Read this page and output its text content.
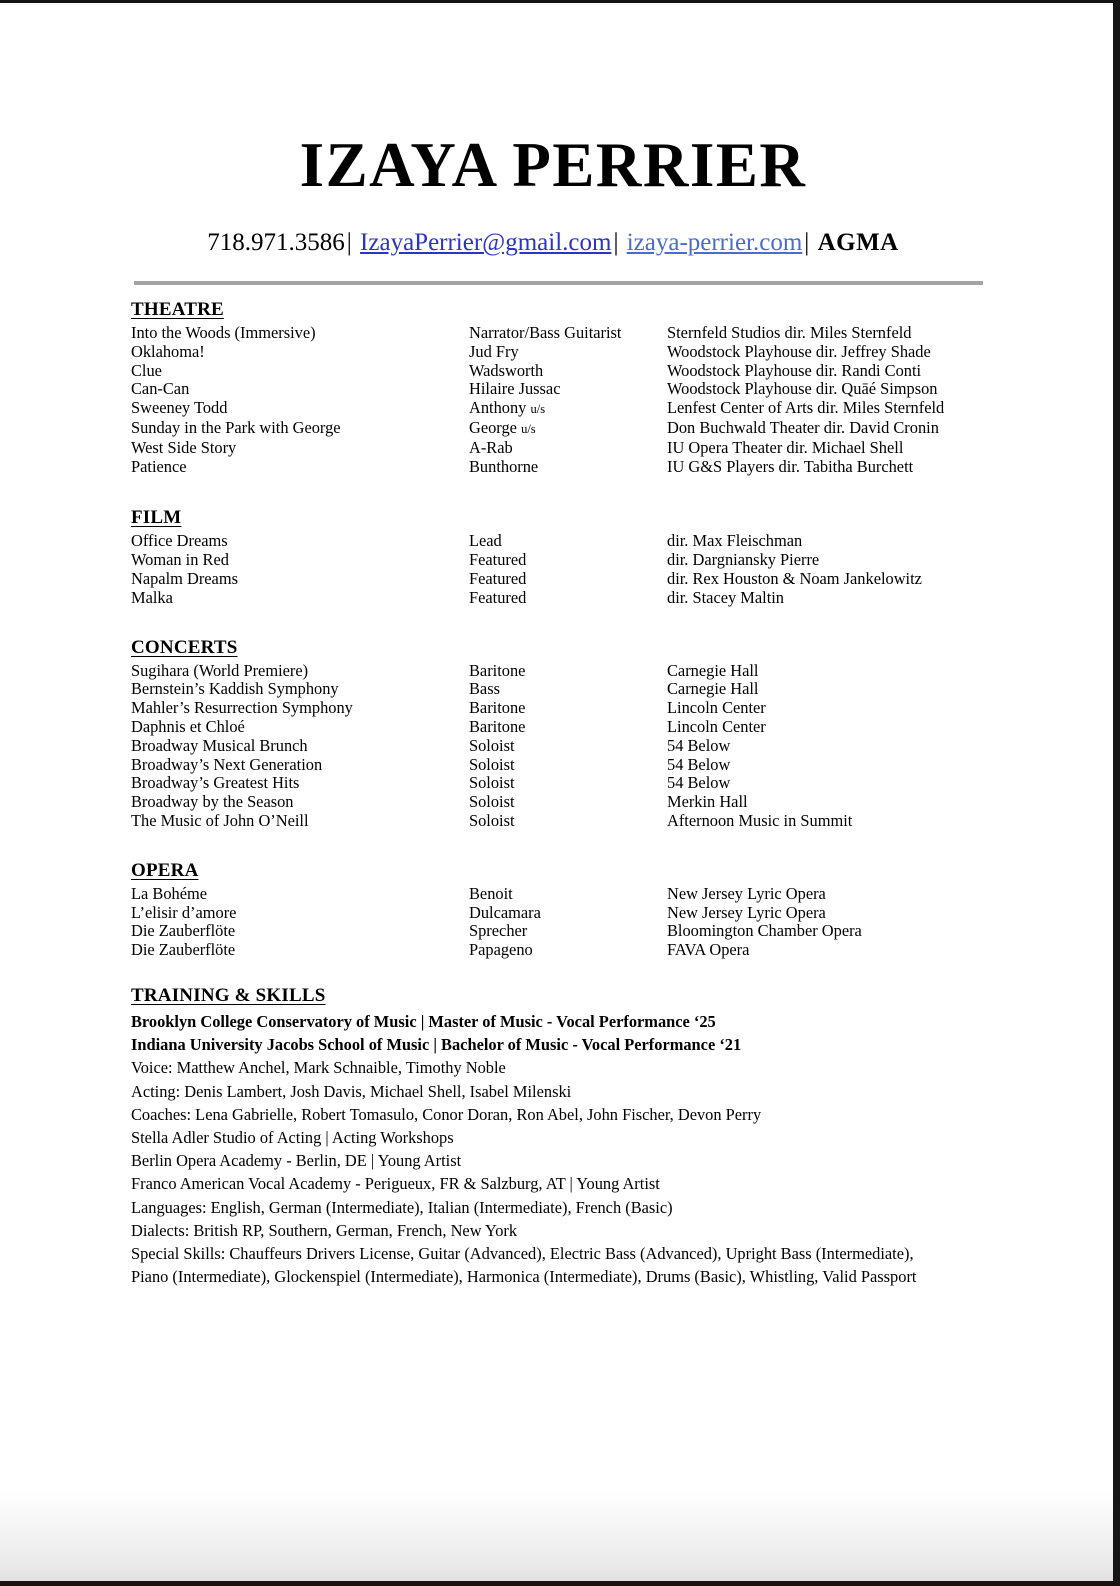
IZAYA PERRIER
718.971.3586| IzayaPerrier@gmail.com| izaya-perrier.com| AGMA
THEATRE
Into the Woods (Immersive)	Narrator/Bass Guitarist	Sternfeld Studios dir. Miles Sternfeld
Oklahoma!	Jud Fry	Woodstock Playhouse dir. Jeffrey Shade
Clue	Wadsworth	Woodstock Playhouse dir. Randi Conti
Can-Can	Hilaire Jussac	Woodstock Playhouse dir. Quāé Simpson
Sweeney Todd	Anthony u/s	Lenfest Center of Arts dir. Miles Sternfeld
Sunday in the Park with George	George u/s	Don Buchwald Theater dir. David Cronin
West Side Story	A-Rab	IU Opera Theater dir. Michael Shell
Patience	Bunthorne	IU G&S Players dir. Tabitha Burchett
FILM
Office Dreams	Lead	dir. Max Fleischman
Woman in Red	Featured	dir. Dargniansky Pierre
Napalm Dreams	Featured	dir. Rex Houston & Noam Jankelowitz
Malka	Featured	dir. Stacey Maltin
CONCERTS
Sugihara (World Premiere)	Baritone	Carnegie Hall
Bernstein’s Kaddish Symphony	Bass	Carnegie Hall
Mahler’s Resurrection Symphony	Baritone	Lincoln Center
Daphnis et Chloé	Baritone	Lincoln Center
Broadway Musical Brunch	Soloist	54 Below
Broadway’s Next Generation	Soloist	54 Below
Broadway’s Greatest Hits	Soloist	54 Below
Broadway by the Season	Soloist	Merkin Hall
The Music of John O’Neill	Soloist	Afternoon Music in Summit
OPERA
La Bohéme	Benoit	New Jersey Lyric Opera
L’elisir d’amore	Dulcamara	New Jersey Lyric Opera
Die Zauberflöte	Sprecher	Bloomington Chamber Opera
Die Zauberflöte	Papageno	FAVA Opera
TRAINING & SKILLS
Brooklyn College Conservatory of Music | Master of Music - Vocal Performance ‘25
Indiana University Jacobs School of Music | Bachelor of Music - Vocal Performance ‘21
Voice: Matthew Anchel, Mark Schnaible, Timothy Noble
Acting: Denis Lambert, Josh Davis, Michael Shell, Isabel Milenski
Coaches: Lena Gabrielle, Robert Tomasulo, Conor Doran, Ron Abel, John Fischer, Devon Perry
Stella Adler Studio of Acting | Acting Workshops
Berlin Opera Academy - Berlin, DE | Young Artist
Franco American Vocal Academy - Perigueux, FR & Salzburg, AT | Young Artist
Languages: English, German (Intermediate), Italian (Intermediate), French (Basic)
Dialects: British RP, Southern, German, French, New York
Special Skills: Chauffeurs Drivers License, Guitar (Advanced), Electric Bass (Advanced), Upright Bass (Intermediate), Piano (Intermediate), Glockenspiel (Intermediate), Harmonica (Intermediate), Drums (Basic), Whistling, Valid Passport
